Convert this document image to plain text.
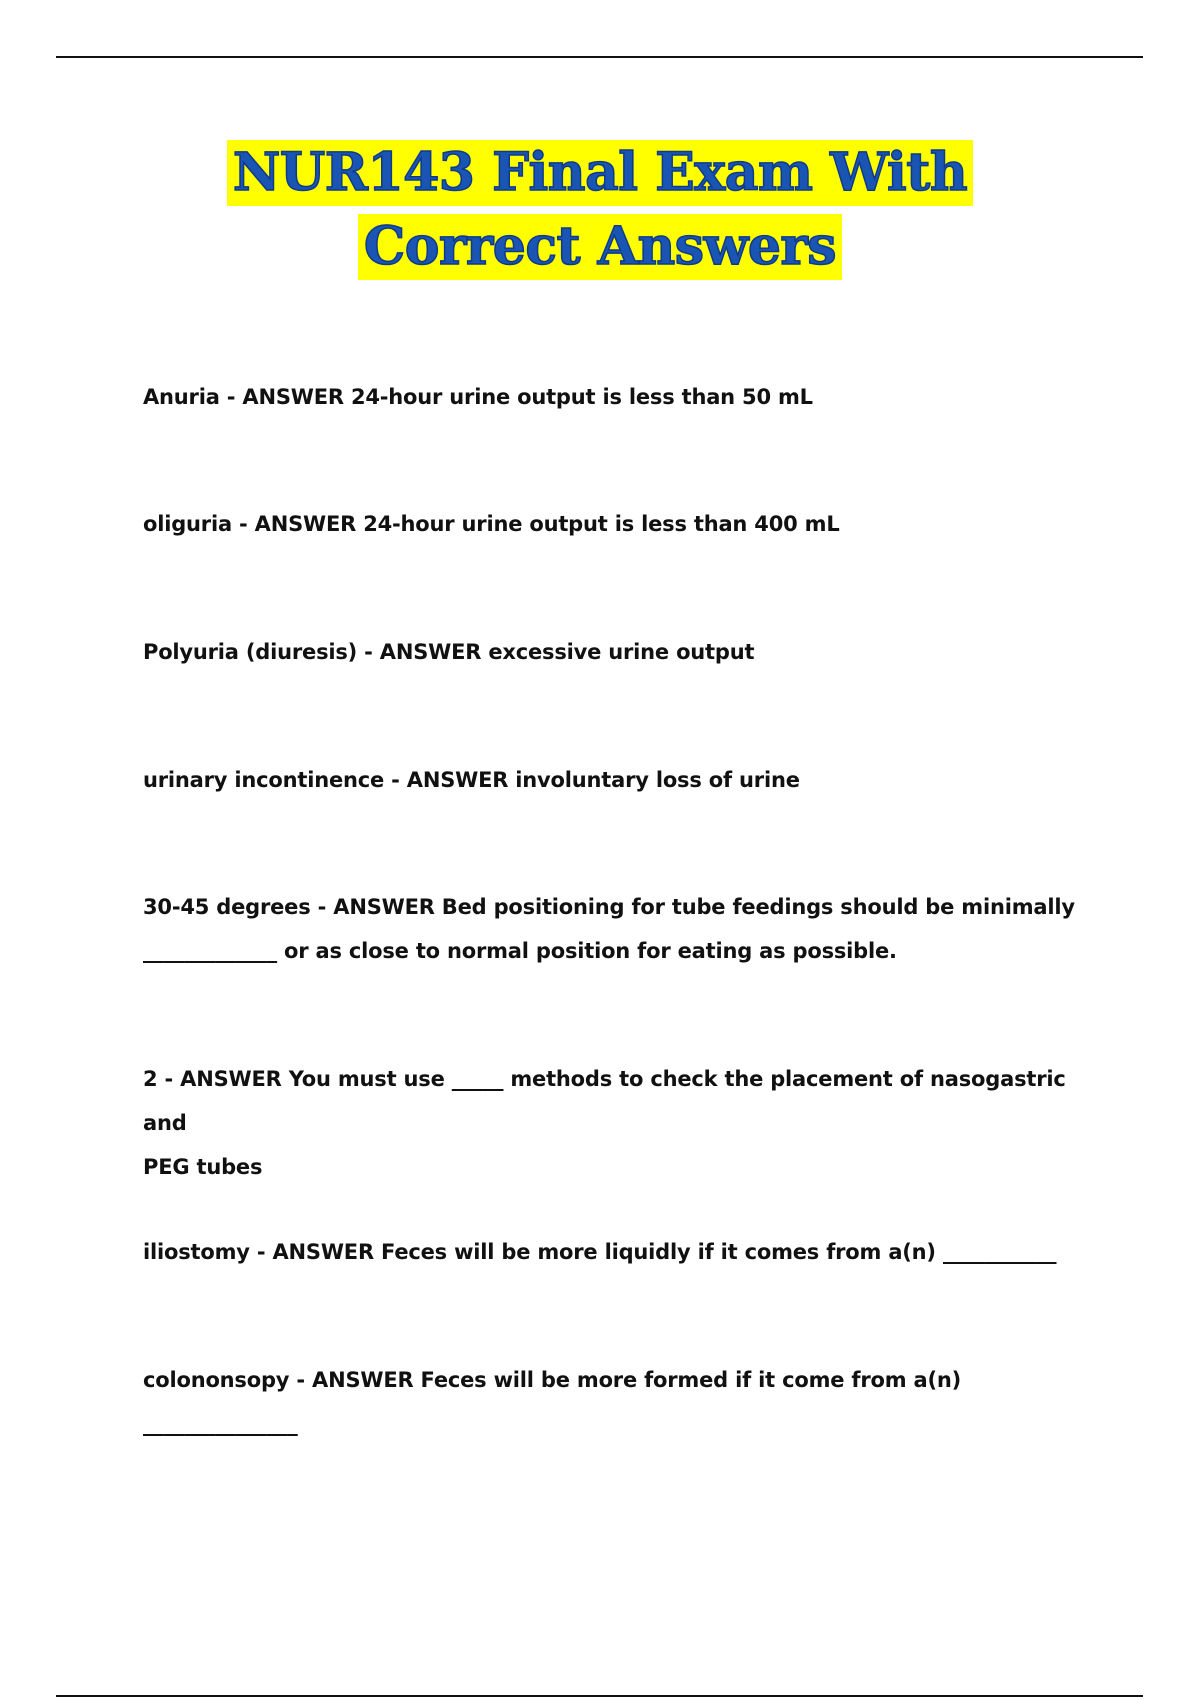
NUR143 Final Exam With
Correct Answers
Anuria - ANSWER 24-hour urine output is less than 50 mL
oliguria - ANSWER 24-hour urine output is less than 400 mL
Polyuria (diuresis) - ANSWER excessive urine output
urinary incontinence - ANSWER involuntary loss of urine
30-45 degrees - ANSWER Bed positioning for tube feedings should be minimally
_____________ or as close to normal position for eating as possible.
2 - ANSWER You must use _____ methods to check the placement of nasogastric and
PEG tubes
iliostomy - ANSWER Feces will be more liquidly if it comes from a(n) ___________
colononsopy - ANSWER Feces will be more formed if it come from a(n)
_______________
